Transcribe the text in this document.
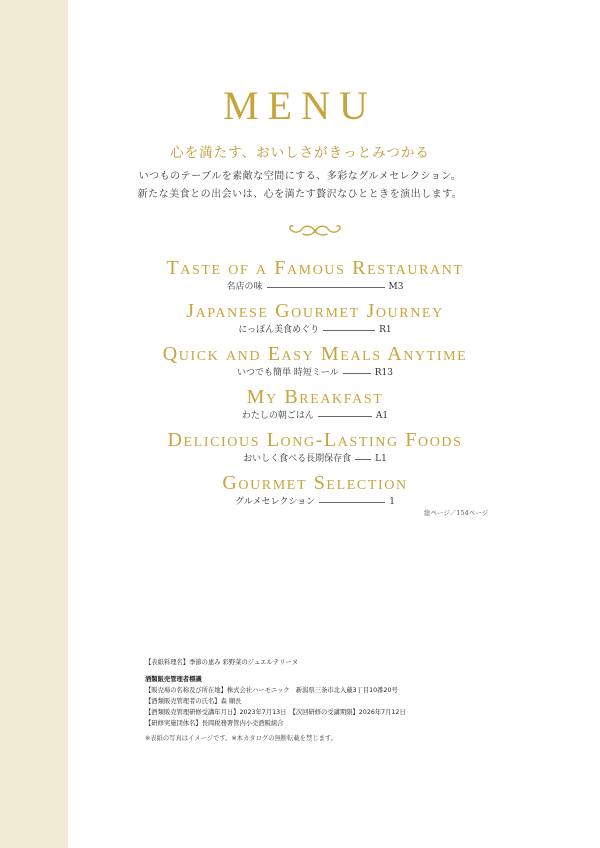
MENU
心を満たす、おいしさがきっとみつかる
いつものテーブルを素敵な空間にする、多彩なグルメセレクション。
新たな美食との出会いは、心を満たす贅沢なひとときを演出します。
Taste of a Famous Restaurant
名店の味	M3
Japanese Gourmet Journey
にっぽん美食めぐり	R1
Quick and Easy Meals Anytime
いつでも簡単 時短ミール	R13
My Breakfast
わたしの朝ごはん	A1
Delicious Long-Lasting Foods
おいしく食べる長期保存食	L1
Gourmet Selection
グルメセレクション	1
総ページ／154ページ
【表紙料理名】季節の恵み 彩野菜のジュエルテリーヌ
酒類販売管理者標識
【販売場の名称及び所在地】株式会社ハーモニック　新潟県三条市北入蔵3丁目10番20号
【酒類販売管理者の氏名】森 順長
【酒類販売管理研修受講年月日】2023年7月13日　【次回研修の受講期限】2026年7月12日
【研修実施団体名】長岡税務署管内小売酒販組合
※表紙の写真はイメージです。※本カタログの無断転載を禁じます。
